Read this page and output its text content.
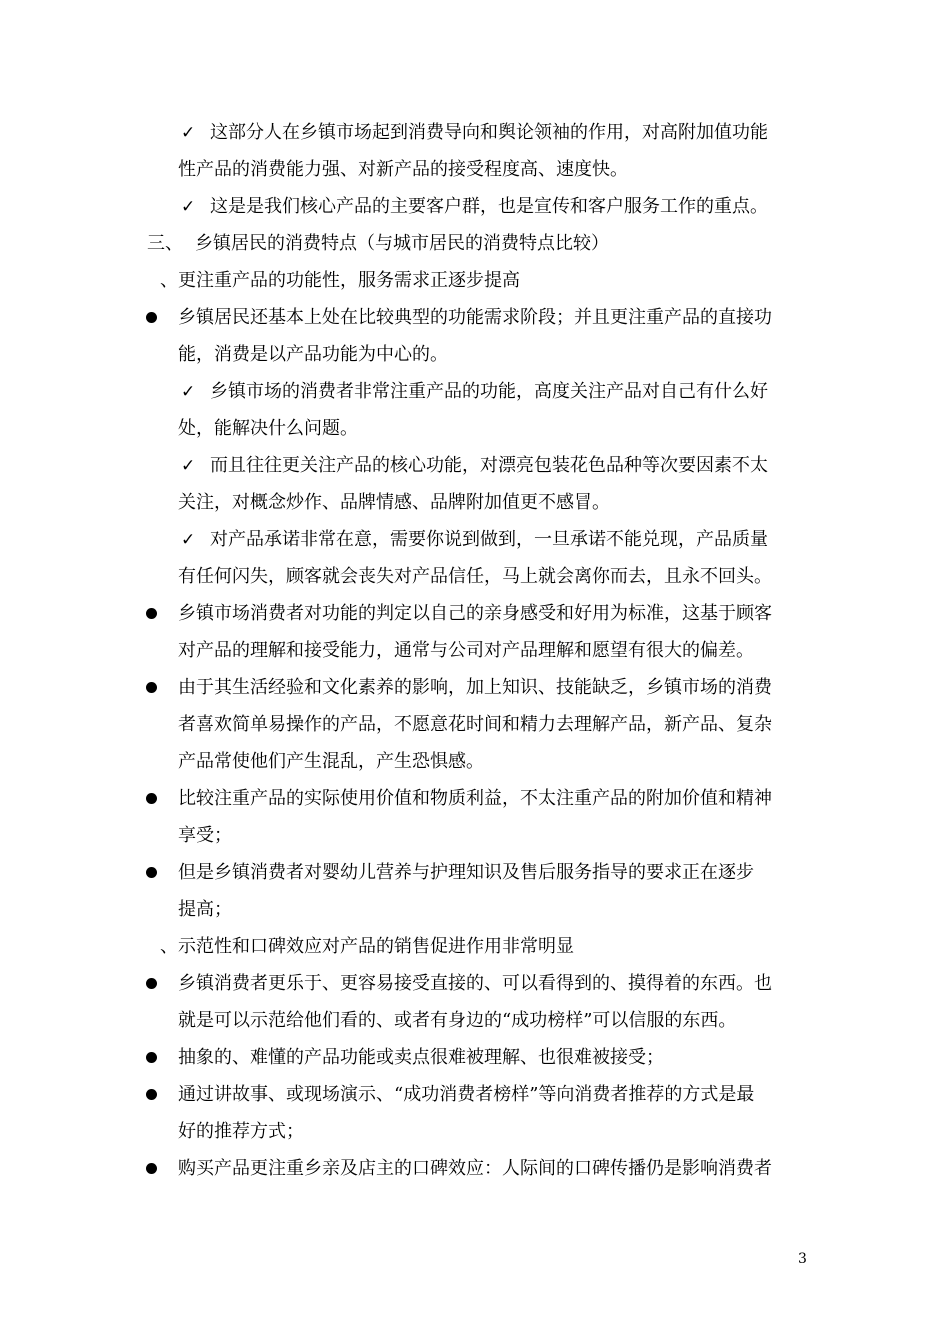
✓ 这部分人在乡镇市场起到消费导向和舆论领袖的作用，对高附加值功能
性产品的消费能力强、对新产品的接受程度高、速度快。
✓ 这是是我们核心产品的主要客户群，也是宣传和客户服务工作的重点。
三、 乡镇居民的消费特点（与城市居民的消费特点比较）
、更注重产品的功能性，服务需求正逐步提高
乡镇居民还基本上处在比较典型的功能需求阶段；并且更注重产品的直接功
能，消费是以产品功能为中心的。
✓ 乡镇市场的消费者非常注重产品的功能，高度关注产品对自己有什么好
处，能解决什么问题。
✓ 而且往往更关注产品的核心功能，对漂亮包装花色品种等次要因素不太
关注，对概念炒作、品牌情感、品牌附加值更不感冒。
✓ 对产品承诺非常在意，需要你说到做到，一旦承诺不能兑现，产品质量
有任何闪失，顾客就会丧失对产品信任，马上就会离你而去，且永不回头。
乡镇市场消费者对功能的判定以自己的亲身感受和好用为标准，这基于顾客
对产品的理解和接受能力，通常与公司对产品理解和愿望有很大的偏差。
由于其生活经验和文化素养的影响，加上知识、技能缺乏，乡镇市场的消费
者喜欢简单易操作的产品，不愿意花时间和精力去理解产品，新产品、复杂
产品常使他们产生混乱，产生恐惧感。
比较注重产品的实际使用价值和物质利益，不太注重产品的附加价值和精神
享受；
但是乡镇消费者对婴幼儿营养与护理知识及售后服务指导的要求正在逐步
提高；
、示范性和口碑效应对产品的销售促进作用非常明显
乡镇消费者更乐于、更容易接受直接的、可以看得到的、摸得着的东西。也
就是可以示范给他们看的、或者有身边的“成功榜样”可以信服的东西。
抽象的、难懂的产品功能或卖点很难被理解、也很难被接受；
通过讲故事、或现场演示、“成功消费者榜样”等向消费者推荐的方式是最
好的推荐方式；
购买产品更注重乡亲及店主的口碑效应：人际间的口碑传播仍是影响消费者
3
